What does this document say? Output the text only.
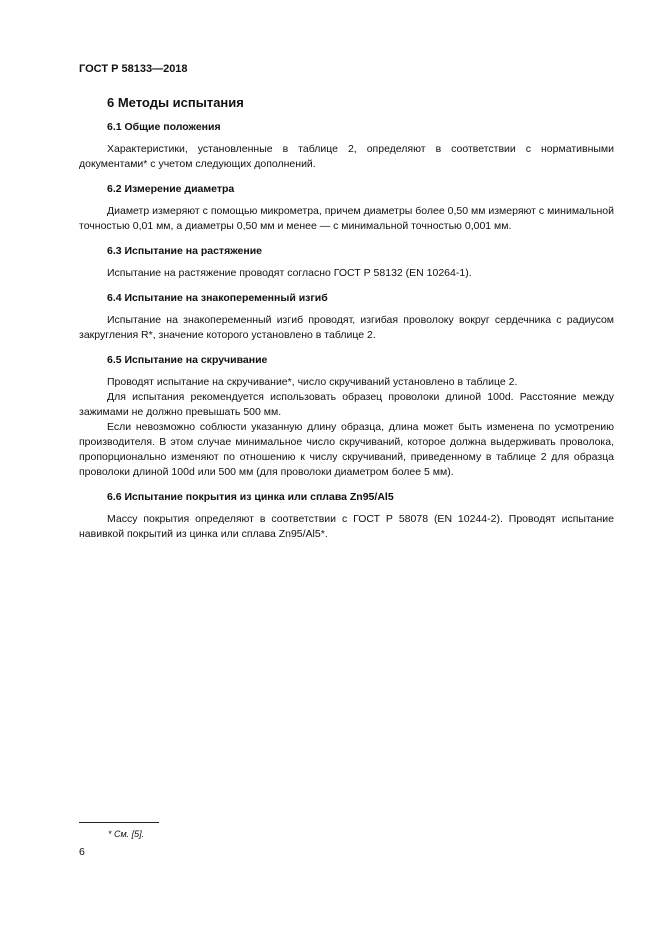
ГОСТ Р 58133—2018
6 Методы испытания
6.1 Общие положения

Характеристики, установленные в таблице 2, определяют в соответствии с нормативными документами* с учетом следующих дополнений.

6.2 Измерение диаметра

Диаметр измеряют с помощью микрометра, причем диаметры более 0,50 мм измеряют с минимальной точностью 0,01 мм, а диаметры 0,50 мм и менее — с минимальной точностью 0,001 мм.

6.3 Испытание на растяжение

Испытание на растяжение проводят согласно ГОСТ Р 58132 (EN 10264-1).

6.4 Испытание на знакопеременный изгиб

Испытание на знакопеременный изгиб проводят, изгибая проволоку вокруг сердечника с радиусом закругления R*, значение которого установлено в таблице 2.

6.5 Испытание на скручивание

Проводят испытание на скручивание*, число скручиваний установлено в таблице 2.

Для испытания рекомендуется использовать образец проволоки длиной 100d. Расстояние между зажимами не должно превышать 500 мм.

Если невозможно соблюсти указанную длину образца, длина может быть изменена по усмотрению производителя. В этом случае минимальное число скручиваний, которое должна выдерживать проволока, пропорционально изменяют по отношению к числу скручиваний, приведенному в таблице 2 для образца проволоки длиной 100d или 500 мм (для проволоки диаметром более 5 мм).

6.6 Испытание покрытия из цинка или сплава Zn95/Al5

Массу покрытия определяют в соответствии с ГОСТ Р 58078 (EN 10244-2). Проводят испытание навивкой покрытий из цинка или сплава Zn95/Al5*.

* См. [5].
6
